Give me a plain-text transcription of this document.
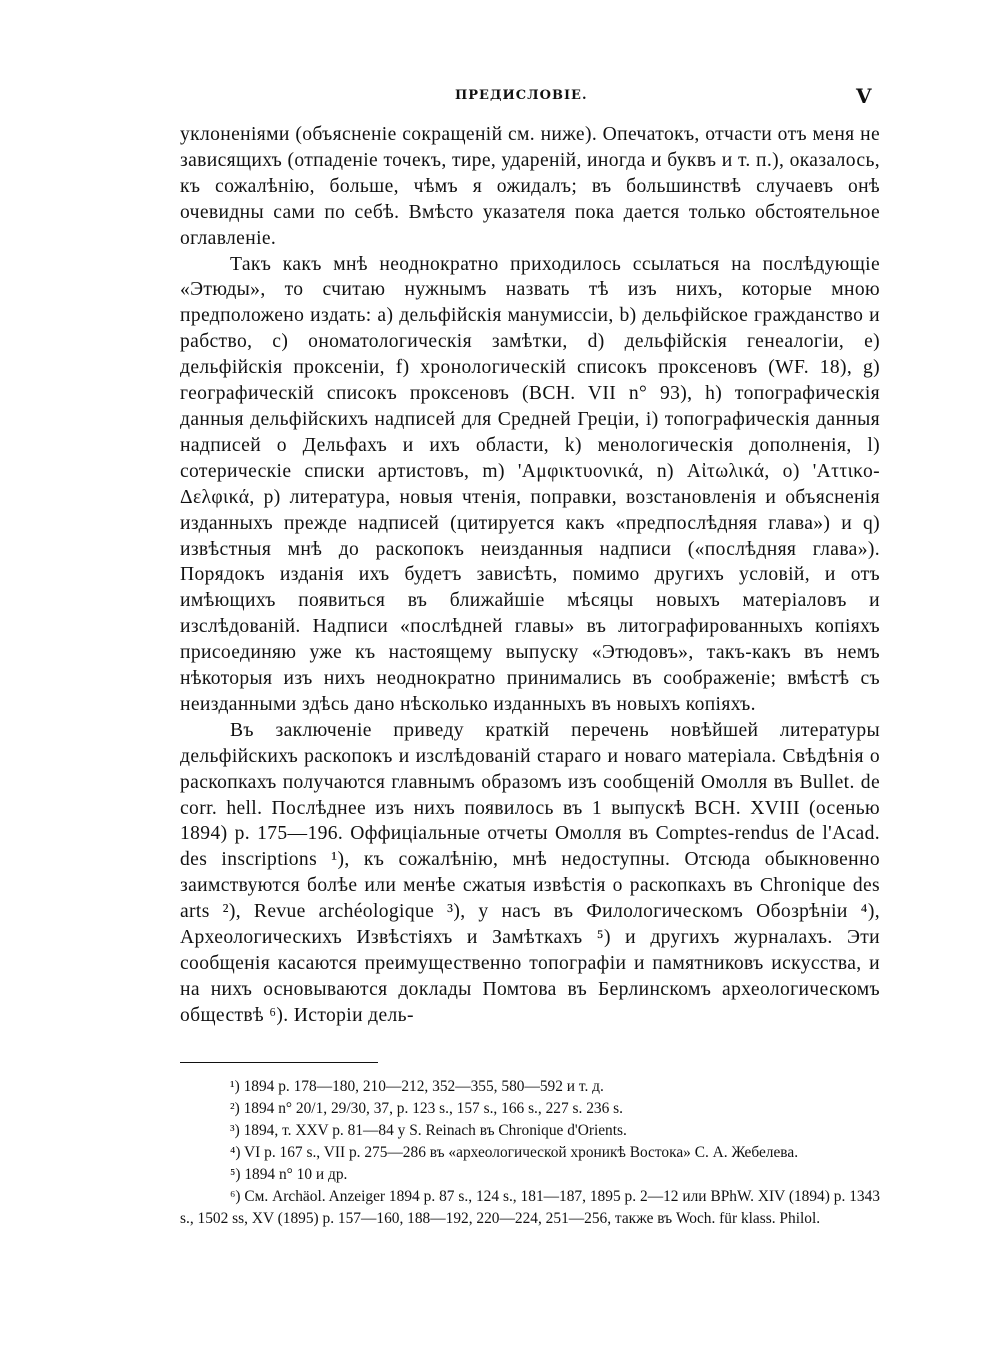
ПРЕДИСЛОВІЕ.	V

уклоненіями (объясненіе сокращеній см. ниже). Опечатокъ, отчасти отъ меня не зависящихъ (отпаденіе точекъ, тире, удареній, иногда и буквъ и т. п.), оказалось, къ сожалѣнію, больше, чѣмъ я ожидалъ; въ большинствѣ случаевъ онѣ очевидны сами по себѣ. Вмѣсто указателя пока дается только обстоятельное оглавленіе.

Такъ какъ мнѣ неоднократно приходилось ссылаться на послѣдующіе «Этюды», то считаю нужнымъ назвать тѣ изъ нихъ, которые мною предположено издать: a) дельфійскія манумиссіи, b) дельфійское гражданство и рабство, c) ономатологическія замѣтки, d) дельфійскія генеалогіи, e) дельфійскія проксеніи, f) хронологическій списокъ проксеновъ (WF. 18), g) географическій списокъ проксеновъ (BCH. VII n° 93), h) топографическія данныя дельфійскихъ надписей для Средней Греціи, i) топографическія данныя надписей о Дельфахъ и ихъ области, k) менологическія дополненія, l) сотерическіе списки артистовъ, m) 'Αμφικτυονικά, n) Αἰτωλικά, o) 'Αττικο-Δελφικά, p) литература, новыя чтенія, поправки, возстановленія и объясненія изданныхъ прежде надписей (цитируется какъ «предпослѣдняя глава») и q) извѣстныя мнѣ до раскопокъ неизданныя надписи («послѣдняя глава»). Порядокъ изданія ихъ будетъ зависѣть, помимо другихъ условій, и отъ имѣющихъ появиться въ ближайшіе мѣсяцы новыхъ матеріаловъ и изслѣдованій. Надписи «послѣдней главы» въ литографированныхъ копіяхъ присоединяю уже къ настоящему выпуску «Этюдовъ», такъ-какъ въ немъ нѣкоторыя изъ нихъ неоднократно принимались въ соображеніе; вмѣстѣ съ неизданными здѣсь дано нѣсколько изданныхъ въ новыхъ копіяхъ.

Въ заключеніе приведу краткій перечень новѣйшей литературы дельфійскихъ раскопокъ и изслѣдованій стараго и новаго матеріала. Свѣдѣнія о раскопкахъ получаются главнымъ образомъ изъ сообщеній Омолля въ Bullet. de corr. hell. Послѣднее изъ нихъ появилось въ 1 выпускѣ BCH. XVIII (осенью 1894) p. 175—196. Оффиціальные отчеты Омолля въ Comptes-rendus de l'Acad. des inscriptions ¹), къ сожалѣнію, мнѣ недоступны. Отсюда обыкновенно заимствуются болѣе или менѣе сжатыя извѣстія о раскопкахъ въ Chronique des arts ²), Revue archéologique ³), у насъ въ Филологическомъ Обозрѣніи ⁴), Археологическихъ Извѣстіяхъ и Замѣткахъ ⁵) и другихъ журналахъ. Эти сообщенія касаются преимущественно топографіи и памятниковъ искусства, и на нихъ основываются доклады Помтова въ Берлинскомъ археологическомъ обществѣ ⁶). Исторіи дель-

¹) 1894 p. 178—180, 210—212, 352—355, 580—592 и т. д.
²) 1894 n° 20/1, 29/30, 37, p. 123 s., 157 s., 166 s., 227 s. 236 s.
³) 1894, т. XXV p. 81—84 у S. Reinach въ Chronique d'Orients.
⁴) VI p. 167 s., VII p. 275—286 въ «археологической хроникѣ Востока» С. А. Жебелева.
⁵) 1894 n° 10 и др.
⁶) См. Archäol. Anzeiger 1894 p. 87 s., 124 s., 181—187, 1895 p. 2—12 или BPhW. XIV (1894) p. 1343 s., 1502 ss, XV (1895) p. 157—160, 188—192, 220—224, 251—256, также въ Woch. für klass. Philol.
